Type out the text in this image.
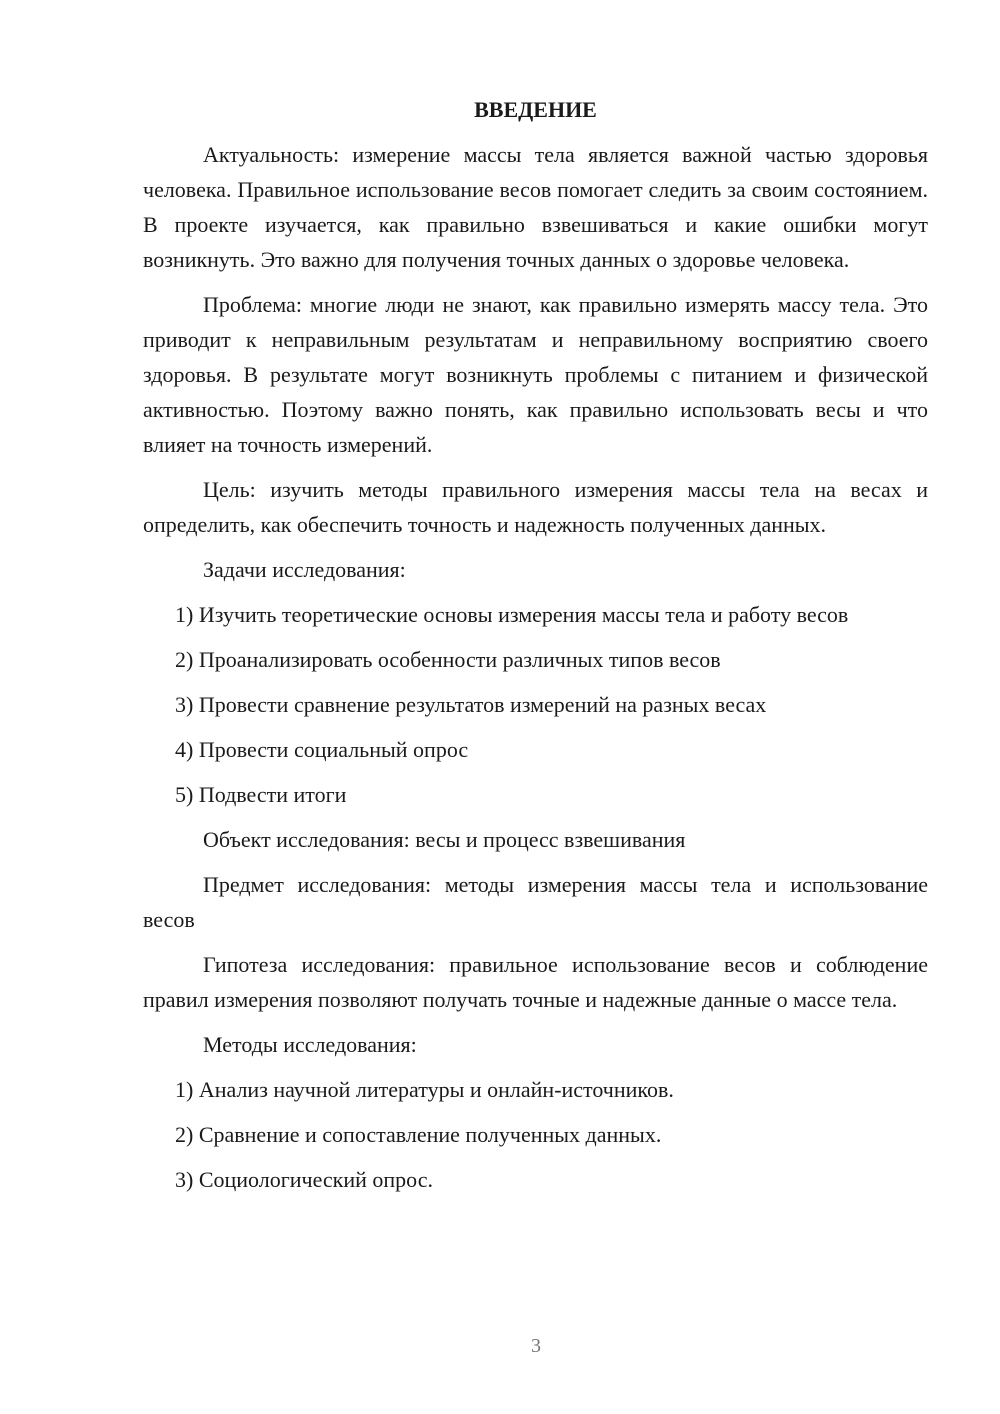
ВВЕДЕНИЕ

Актуальность: измерение массы тела является важной частью здоровья человека. Правильное использование весов помогает следить за своим состоянием. В проекте изучается, как правильно взвешиваться и какие ошибки могут возникнуть. Это важно для получения точных данных о здоровье человека.

Проблема: многие люди не знают, как правильно измерять массу тела. Это приводит к неправильным результатам и неправильному восприятию своего здоровья. В результате могут возникнуть проблемы с питанием и физической активностью. Поэтому важно понять, как правильно использовать весы и что влияет на точность измерений.

Цель: изучить методы правильного измерения массы тела на весах и определить, как обеспечить точность и надежность полученных данных.

Задачи исследования:

1) Изучить теоретические основы измерения массы тела и работу весов

2) Проанализировать особенности различных типов весов

3) Провести сравнение результатов измерений на разных весах

4) Провести социальный опрос

5) Подвести итоги

Объект исследования: весы и процесс взвешивания

Предмет исследования: методы измерения массы тела и использование весов

Гипотеза исследования: правильное использование весов и соблюдение правил измерения позволяют получать точные и надежные данные о массе тела.

Методы исследования:

1) Анализ научной литературы и онлайн-источников.

2) Сравнение и сопоставление полученных данных.

3) Социологический опрос.

3
